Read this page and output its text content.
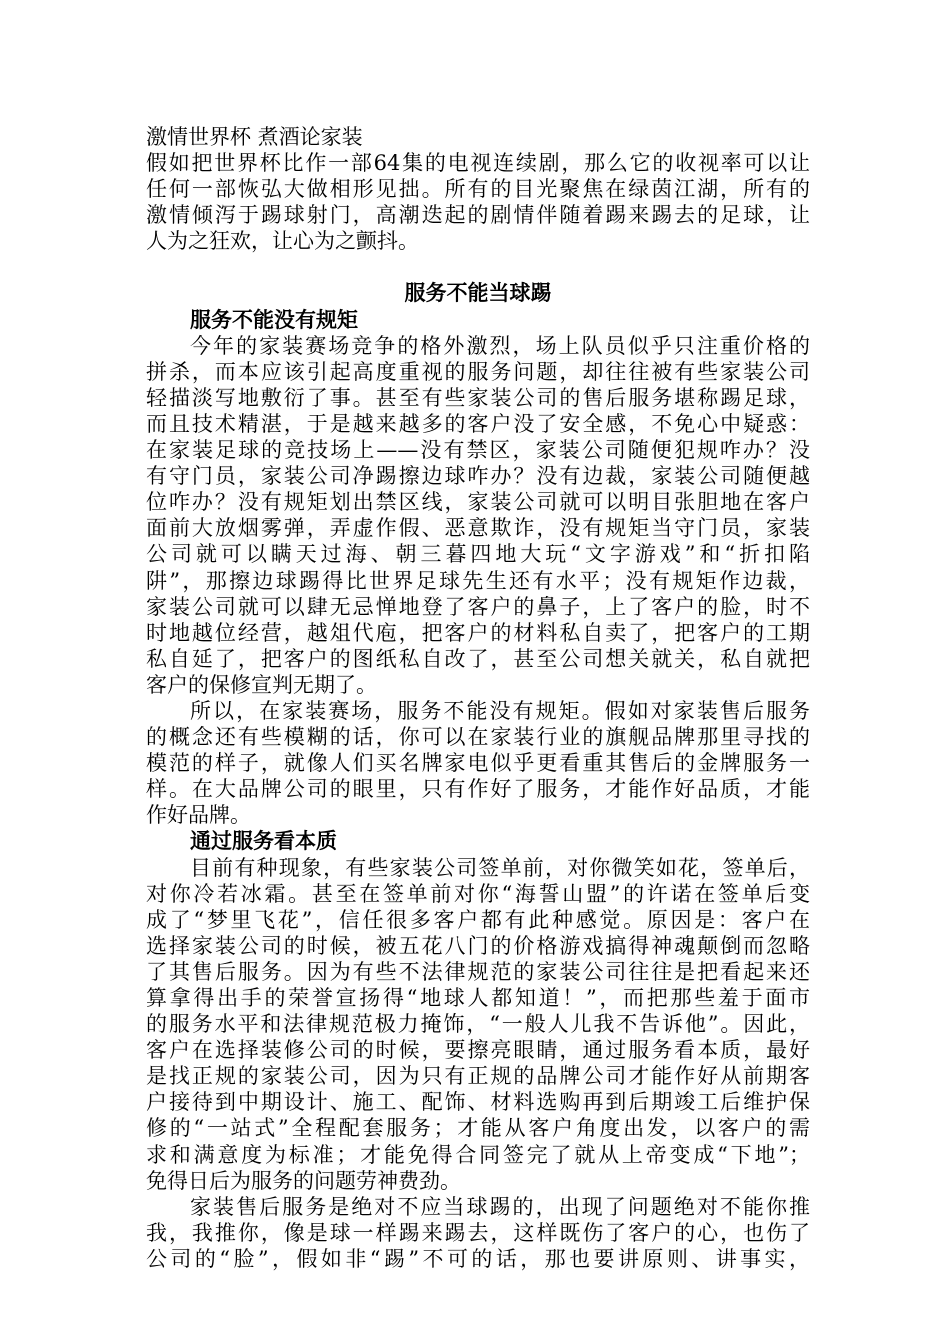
激情世界杯 煮酒论家装
假如把世界杯比作一部64集的电视连续剧，那么它的收视率可以让
任何一部恢弘大做相形见拙。所有的目光聚焦在绿茵江湖，所有的
激情倾泻于踢球射门，高潮迭起的剧情伴随着踢来踢去的足球，让
人为之狂欢，让心为之颤抖。
服务不能当球踢
服务不能没有规矩
今年的家装赛场竞争的格外激烈，场上队员似乎只注重价格的
拼杀，而本应该引起高度重视的服务问题，却往往被有些家装公司
轻描淡写地敷衍了事。甚至有些家装公司的售后服务堪称踢足球，
而且技术精湛，于是越来越多的客户没了安全感，不免心中疑惑：
在家装足球的竞技场上——没有禁区，家装公司随便犯规咋办？没
有守门员，家装公司净踢擦边球咋办？没有边裁，家装公司随便越
位咋办？没有规矩划出禁区线，家装公司就可以明目张胆地在客户
面前大放烟雾弹，弄虚作假、恶意欺诈，没有规矩当守门员，家装
公司就可以瞒天过海、朝三暮四地大玩“文字游戏”和“折扣陷
阱”，那擦边球踢得比世界足球先生还有水平；没有规矩作边裁，
家装公司就可以肆无忌惮地登了客户的鼻子，上了客户的脸，时不
时地越位经营，越俎代庖，把客户的材料私自卖了，把客户的工期
私自延了，把客户的图纸私自改了，甚至公司想关就关，私自就把
客户的保修宣判无期了。
所以，在家装赛场，服务不能没有规矩。假如对家装售后服务
的概念还有些模糊的话，你可以在家装行业的旗舰品牌那里寻找的
模范的样子，就像人们买名牌家电似乎更看重其售后的金牌服务一
样。在大品牌公司的眼里，只有作好了服务，才能作好品质，才能
作好品牌。
通过服务看本质
目前有种现象，有些家装公司签单前，对你微笑如花，签单后，
对你冷若冰霜。甚至在签单前对你“海誓山盟”的许诺在签单后变
成了“梦里飞花”，信任很多客户都有此种感觉。原因是：客户在
选择家装公司的时候，被五花八门的价格游戏搞得神魂颠倒而忽略
了其售后服务。因为有些不法律规范的家装公司往往是把看起来还
算拿得出手的荣誉宣扬得“地球人都知道！”，而把那些羞于面市
的服务水平和法律规范极力掩饰，“一般人儿我不告诉他”。因此，
客户在选择装修公司的时候，要擦亮眼睛，通过服务看本质，最好
是找正规的家装公司，因为只有正规的品牌公司才能作好从前期客
户接待到中期设计、施工、配饰、材料选购再到后期竣工后维护保
修的“一站式”全程配套服务；才能从客户角度出发，以客户的需
求和满意度为标准；才能免得合同签完了就从上帝变成“下地”；
免得日后为服务的问题劳神费劲。
家装售后服务是绝对不应当球踢的，出现了问题绝对不能你推
我，我推你，像是球一样踢来踢去，这样既伤了客户的心，也伤了
公司的“脸”，假如非“踢”不可的话，那也要讲原则、讲事实，
